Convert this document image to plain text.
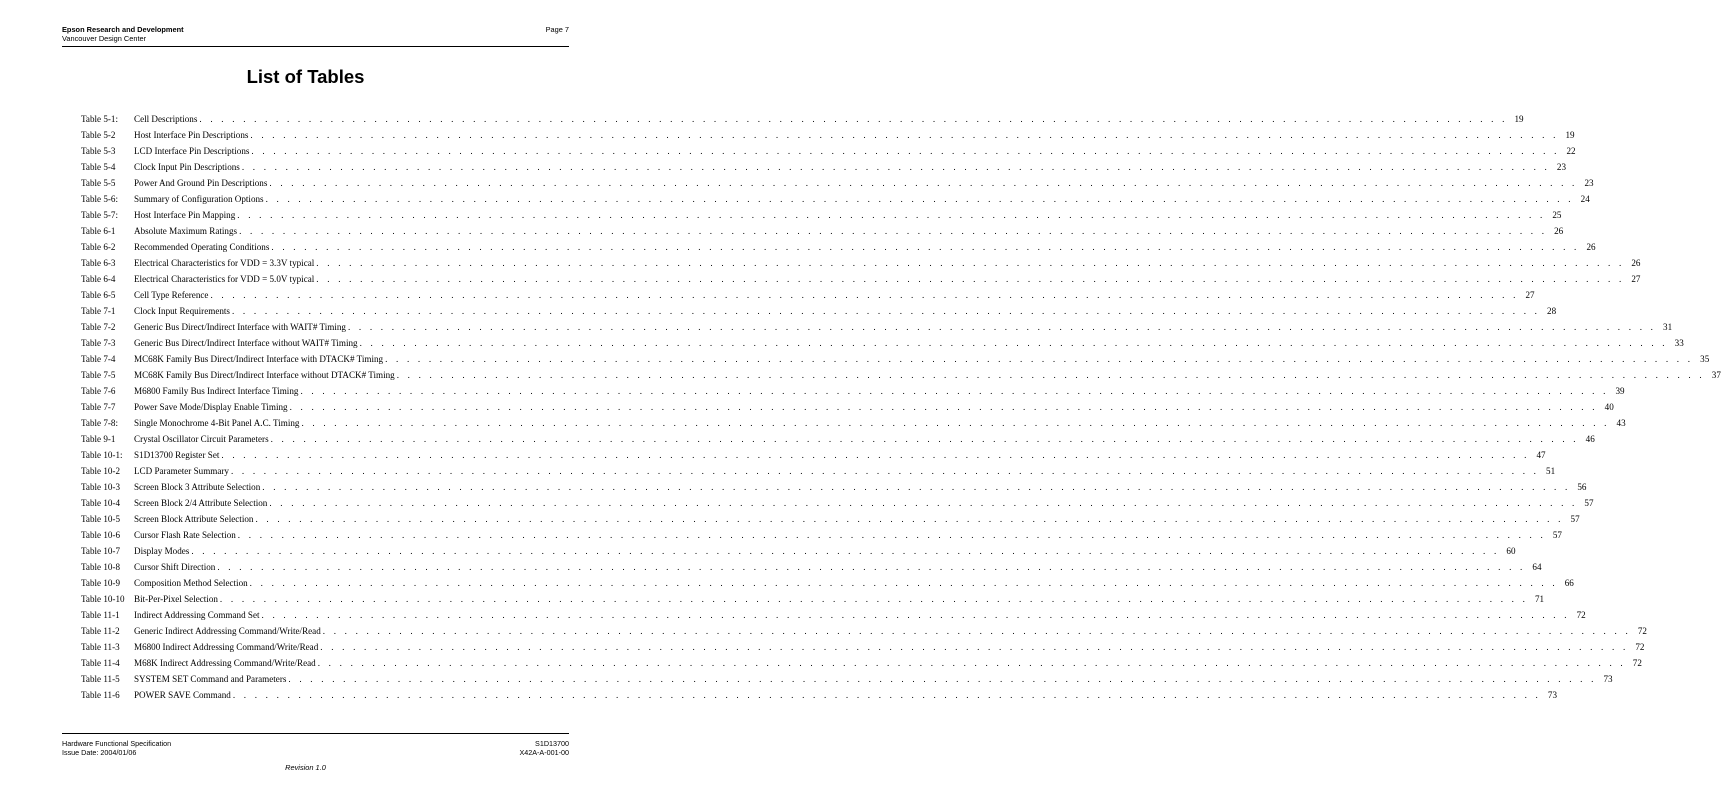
Epson Research and Development
Vancouver Design Center
Page 7
List of Tables
Table 5-1:	Cell Descriptions . . . . . . . . . . . . . . . . . . . . . . . . . . . . . . . . . . . . . . . . . . . . . . . . . . . . . . . . . . . . . . . . . . . . . . . . . . . . . . . . . . . . . . . . . . . . . . . . . . . . . . . . . . . . . . . . . . . . . . . . 19
Table 5-2	Host Interface Pin Descriptions . . . . . . . . . . . . . . . . . . . . . . . . . . . . . . . . . . . . . . . . . . . . . . . . . . . . . . . . . . . . . . . . . . . . . . . . . . . . . . . . . . . . . . . . . . . . . . . . . . . . . . . . . . . . . . . . . . . . . . . . 19
Table 5-3	LCD Interface Pin Descriptions . . . . . . . . . . . . . . . . . . . . . . . . . . . . . . . . . . . . . . . . . . . . . . . . . . . . . . . . . . . . . . . . . . . . . . . . . . . . . . . . . . . . . . . . . . . . . . . . . . . . . . . . . . . . . . . . . . . . . . . . 22
Table 5-4	Clock Input Pin Descriptions . . . . . . . . . . . . . . . . . . . . . . . . . . . . . . . . . . . . . . . . . . . . . . . . . . . . . . . . . . . . . . . . . . . . . . . . . . . . . . . . . . . . . . . . . . . . . . . . . . . . . . . . . . . . . . . . . . . . . . . . 23
Table 5-5	Power And Ground Pin Descriptions . . . . . . . . . . . . . . . . . . . . . . . . . . . . . . . . . . . . . . . . . . . . . . . . . . . . . . . . . . . . . . . . . . . . . . . . . . . . . . . . . . . . . . . . . . . . . . . . . . . . . . . . . . . . . . . . . . . . . . . . 23
Table 5-6:	Summary of Configuration Options . . . . . . . . . . . . . . . . . . . . . . . . . . . . . . . . . . . . . . . . . . . . . . . . . . . . . . . . . . . . . . . . . . . . . . . . . . . . . . . . . . . . . . . . . . . . . . . . . . . . . . . . . . . . . . . . . . . . . . . . 24
Table 5-7:	Host Interface Pin Mapping . . . . . . . . . . . . . . . . . . . . . . . . . . . . . . . . . . . . . . . . . . . . . . . . . . . . . . . . . . . . . . . . . . . . . . . . . . . . . . . . . . . . . . . . . . . . . . . . . . . . . . . . . . . . . . . . . . . . . . . . 25
Table 6-1	Absolute Maximum Ratings . . . . . . . . . . . . . . . . . . . . . . . . . . . . . . . . . . . . . . . . . . . . . . . . . . . . . . . . . . . . . . . . . . . . . . . . . . . . . . . . . . . . . . . . . . . . . . . . . . . . . . . . . . . . . . . . . . . . . . . . 26
Table 6-2	Recommended Operating Conditions . . . . . . . . . . . . . . . . . . . . . . . . . . . . . . . . . . . . . . . . . . . . . . . . . . . . . . . . . . . . . . . . . . . . . . . . . . . . . . . . . . . . . . . . . . . . . . . . . . . . . . . . . . . . . . . . . . . . . . . . 26
Table 6-3	Electrical Characteristics for VDD = 3.3V typical . . . . . . . . . . . . . . . . . . . . . . . . . . . . . . . . . . . . . . . . . . . . . . . . . . . . . . . . . . . . . . . . . . . . . . . . . . . . . . . . . . . . . . . . . . . . . . . . . . . . . . . . . . . . . . . . . . . . . . . . 26
Table 6-4	Electrical Characteristics for VDD = 5.0V typical . . . . . . . . . . . . . . . . . . . . . . . . . . . . . . . . . . . . . . . . . . . . . . . . . . . . . . . . . . . . . . . . . . . . . . . . . . . . . . . . . . . . . . . . . . . . . . . . . . . . . . . . . . . . . . . . . . . . . . . . 27
Table 6-5	Cell Type Reference . . . . . . . . . . . . . . . . . . . . . . . . . . . . . . . . . . . . . . . . . . . . . . . . . . . . . . . . . . . . . . . . . . . . . . . . . . . . . . . . . . . . . . . . . . . . . . . . . . . . . . . . . . . . . . . . . . . . . . . . 27
Table 7-1	Clock Input Requirements . . . . . . . . . . . . . . . . . . . . . . . . . . . . . . . . . . . . . . . . . . . . . . . . . . . . . . . . . . . . . . . . . . . . . . . . . . . . . . . . . . . . . . . . . . . . . . . . . . . . . . . . . . . . . . . . . . . . . . . . 28
Table 7-2	Generic Bus Direct/Indirect Interface with WAIT# Timing . . . . . . . . . . . . . . . . . . . . . . . . . . . . . . . . . . . . . . . . . . . . . . . . . . . . . . . . . . . . . . . . . . . . . . . . . . . . . . . . . . . . . . . . . . . . . . . . . . . . . . . . . . . . . . . . . . . . . . . . 31
Table 7-3	Generic Bus Direct/Indirect Interface without WAIT# Timing . . . . . . . . . . . . . . . . . . . . . . . . . . . . . . . . . . . . . . . . . . . . . . . . . . . . . . . . . . . . . . . . . . . . . . . . . . . . . . . . . . . . . . . . . . . . . . . . . . . . . . . . . . . . . . . . . . . . . . . . 33
Table 7-4	MC68K Family Bus Direct/Indirect Interface with DTACK# Timing . . . . . . . . . . . . . . . . . . . . . . . . . . . . . . . . . . . . . . . . . . . . . . . . . . . . . . . . . . . . . . . . . . . . . . . . . . . . . . . . . . . . . . . . . . . . . . . . . . . . . . . . . . . . . . . . . . . . . . . . 35
Table 7-5	MC68K Family Bus Direct/Indirect Interface without DTACK# Timing . . . . . . . . . . . . . . . . . . . . . . . . . . . . . . . . . . . . . . . . . . . . . . . . . . . . . . . . . . . . . . . . . . . . . . . . . . . . . . . . . . . . . . . . . . . . . . . . . . . . . . . . . . . . . . . . . . . . . . . . 37
Table 7-6	M6800 Family Bus Indirect Interface Timing . . . . . . . . . . . . . . . . . . . . . . . . . . . . . . . . . . . . . . . . . . . . . . . . . . . . . . . . . . . . . . . . . . . . . . . . . . . . . . . . . . . . . . . . . . . . . . . . . . . . . . . . . . . . . . . . . . . . . . . . 39
Table 7-7	Power Save Mode/Display Enable Timing . . . . . . . . . . . . . . . . . . . . . . . . . . . . . . . . . . . . . . . . . . . . . . . . . . . . . . . . . . . . . . . . . . . . . . . . . . . . . . . . . . . . . . . . . . . . . . . . . . . . . . . . . . . . . . . . . . . . . . . . 40
Table 7-8:	Single Monochrome 4-Bit Panel A.C. Timing . . . . . . . . . . . . . . . . . . . . . . . . . . . . . . . . . . . . . . . . . . . . . . . . . . . . . . . . . . . . . . . . . . . . . . . . . . . . . . . . . . . . . . . . . . . . . . . . . . . . . . . . . . . . . . . . . . . . . . . . 43
Table 9-1	Crystal Oscillator Circuit Parameters . . . . . . . . . . . . . . . . . . . . . . . . . . . . . . . . . . . . . . . . . . . . . . . . . . . . . . . . . . . . . . . . . . . . . . . . . . . . . . . . . . . . . . . . . . . . . . . . . . . . . . . . . . . . . . . . . . . . . . . . 46
Table 10-1:	S1D13700 Register Set . . . . . . . . . . . . . . . . . . . . . . . . . . . . . . . . . . . . . . . . . . . . . . . . . . . . . . . . . . . . . . . . . . . . . . . . . . . . . . . . . . . . . . . . . . . . . . . . . . . . . . . . . . . . . . . . . . . . . . . . 47
Table 10-2	LCD Parameter Summary . . . . . . . . . . . . . . . . . . . . . . . . . . . . . . . . . . . . . . . . . . . . . . . . . . . . . . . . . . . . . . . . . . . . . . . . . . . . . . . . . . . . . . . . . . . . . . . . . . . . . . . . . . . . . . . . . . . . . . . . 51
Table 10-3	Screen Block 3 Attribute Selection . . . . . . . . . . . . . . . . . . . . . . . . . . . . . . . . . . . . . . . . . . . . . . . . . . . . . . . . . . . . . . . . . . . . . . . . . . . . . . . . . . . . . . . . . . . . . . . . . . . . . . . . . . . . . . . . . . . . . . . . 56
Table 10-4	Screen Block 2/4 Attribute Selection . . . . . . . . . . . . . . . . . . . . . . . . . . . . . . . . . . . . . . . . . . . . . . . . . . . . . . . . . . . . . . . . . . . . . . . . . . . . . . . . . . . . . . . . . . . . . . . . . . . . . . . . . . . . . . . . . . . . . . . . 57
Table 10-5	Screen Block Attribute Selection . . . . . . . . . . . . . . . . . . . . . . . . . . . . . . . . . . . . . . . . . . . . . . . . . . . . . . . . . . . . . . . . . . . . . . . . . . . . . . . . . . . . . . . . . . . . . . . . . . . . . . . . . . . . . . . . . . . . . . . . 57
Table 10-6	Cursor Flash Rate Selection . . . . . . . . . . . . . . . . . . . . . . . . . . . . . . . . . . . . . . . . . . . . . . . . . . . . . . . . . . . . . . . . . . . . . . . . . . . . . . . . . . . . . . . . . . . . . . . . . . . . . . . . . . . . . . . . . . . . . . . . 57
Table 10-7	Display Modes . . . . . . . . . . . . . . . . . . . . . . . . . . . . . . . . . . . . . . . . . . . . . . . . . . . . . . . . . . . . . . . . . . . . . . . . . . . . . . . . . . . . . . . . . . . . . . . . . . . . . . . . . . . . . . . . . . . . . . . . 60
Table 10-8	Cursor Shift Direction . . . . . . . . . . . . . . . . . . . . . . . . . . . . . . . . . . . . . . . . . . . . . . . . . . . . . . . . . . . . . . . . . . . . . . . . . . . . . . . . . . . . . . . . . . . . . . . . . . . . . . . . . . . . . . . . . . . . . . . . 64
Table 10-9	Composition Method Selection . . . . . . . . . . . . . . . . . . . . . . . . . . . . . . . . . . . . . . . . . . . . . . . . . . . . . . . . . . . . . . . . . . . . . . . . . . . . . . . . . . . . . . . . . . . . . . . . . . . . . . . . . . . . . . . . . . . . . . . . 66
Table 10-10	Bit-Per-Pixel Selection . . . . . . . . . . . . . . . . . . . . . . . . . . . . . . . . . . . . . . . . . . . . . . . . . . . . . . . . . . . . . . . . . . . . . . . . . . . . . . . . . . . . . . . . . . . . . . . . . . . . . . . . . . . . . . . . . . . . . . . . 71
Table 11-1	Indirect Addressing Command Set . . . . . . . . . . . . . . . . . . . . . . . . . . . . . . . . . . . . . . . . . . . . . . . . . . . . . . . . . . . . . . . . . . . . . . . . . . . . . . . . . . . . . . . . . . . . . . . . . . . . . . . . . . . . . . . . . . . . . . . . 72
Table 11-2	Generic Indirect Addressing Command/Write/Read . . . . . . . . . . . . . . . . . . . . . . . . . . . . . . . . . . . . . . . . . . . . . . . . . . . . . . . . . . . . . . . . . . . . . . . . . . . . . . . . . . . . . . . . . . . . . . . . . . . . . . . . . . . . . . . . . . . . . . . . 72
Table 11-3	M6800 Indirect Addressing Command/Write/Read . . . . . . . . . . . . . . . . . . . . . . . . . . . . . . . . . . . . . . . . . . . . . . . . . . . . . . . . . . . . . . . . . . . . . . . . . . . . . . . . . . . . . . . . . . . . . . . . . . . . . . . . . . . . . . . . . . . . . . . . 72
Table 11-4	M68K Indirect Addressing Command/Write/Read . . . . . . . . . . . . . . . . . . . . . . . . . . . . . . . . . . . . . . . . . . . . . . . . . . . . . . . . . . . . . . . . . . . . . . . . . . . . . . . . . . . . . . . . . . . . . . . . . . . . . . . . . . . . . . . . . . . . . . . . 72
Table 11-5	SYSTEM SET Command and Parameters . . . . . . . . . . . . . . . . . . . . . . . . . . . . . . . . . . . . . . . . . . . . . . . . . . . . . . . . . . . . . . . . . . . . . . . . . . . . . . . . . . . . . . . . . . . . . . . . . . . . . . . . . . . . . . . . . . . . . . . . 73
Table 11-6	POWER SAVE Command . . . . . . . . . . . . . . . . . . . . . . . . . . . . . . . . . . . . . . . . . . . . . . . . . . . . . . . . . . . . . . . . . . . . . . . . . . . . . . . . . . . . . . . . . . . . . . . . . . . . . . . . . . . . . . . . . . . . . . . . 73
Hardware Functional Specification
Issue Date: 2004/01/06
S1D13700
X42A-A-001-00
Revision 1.0
